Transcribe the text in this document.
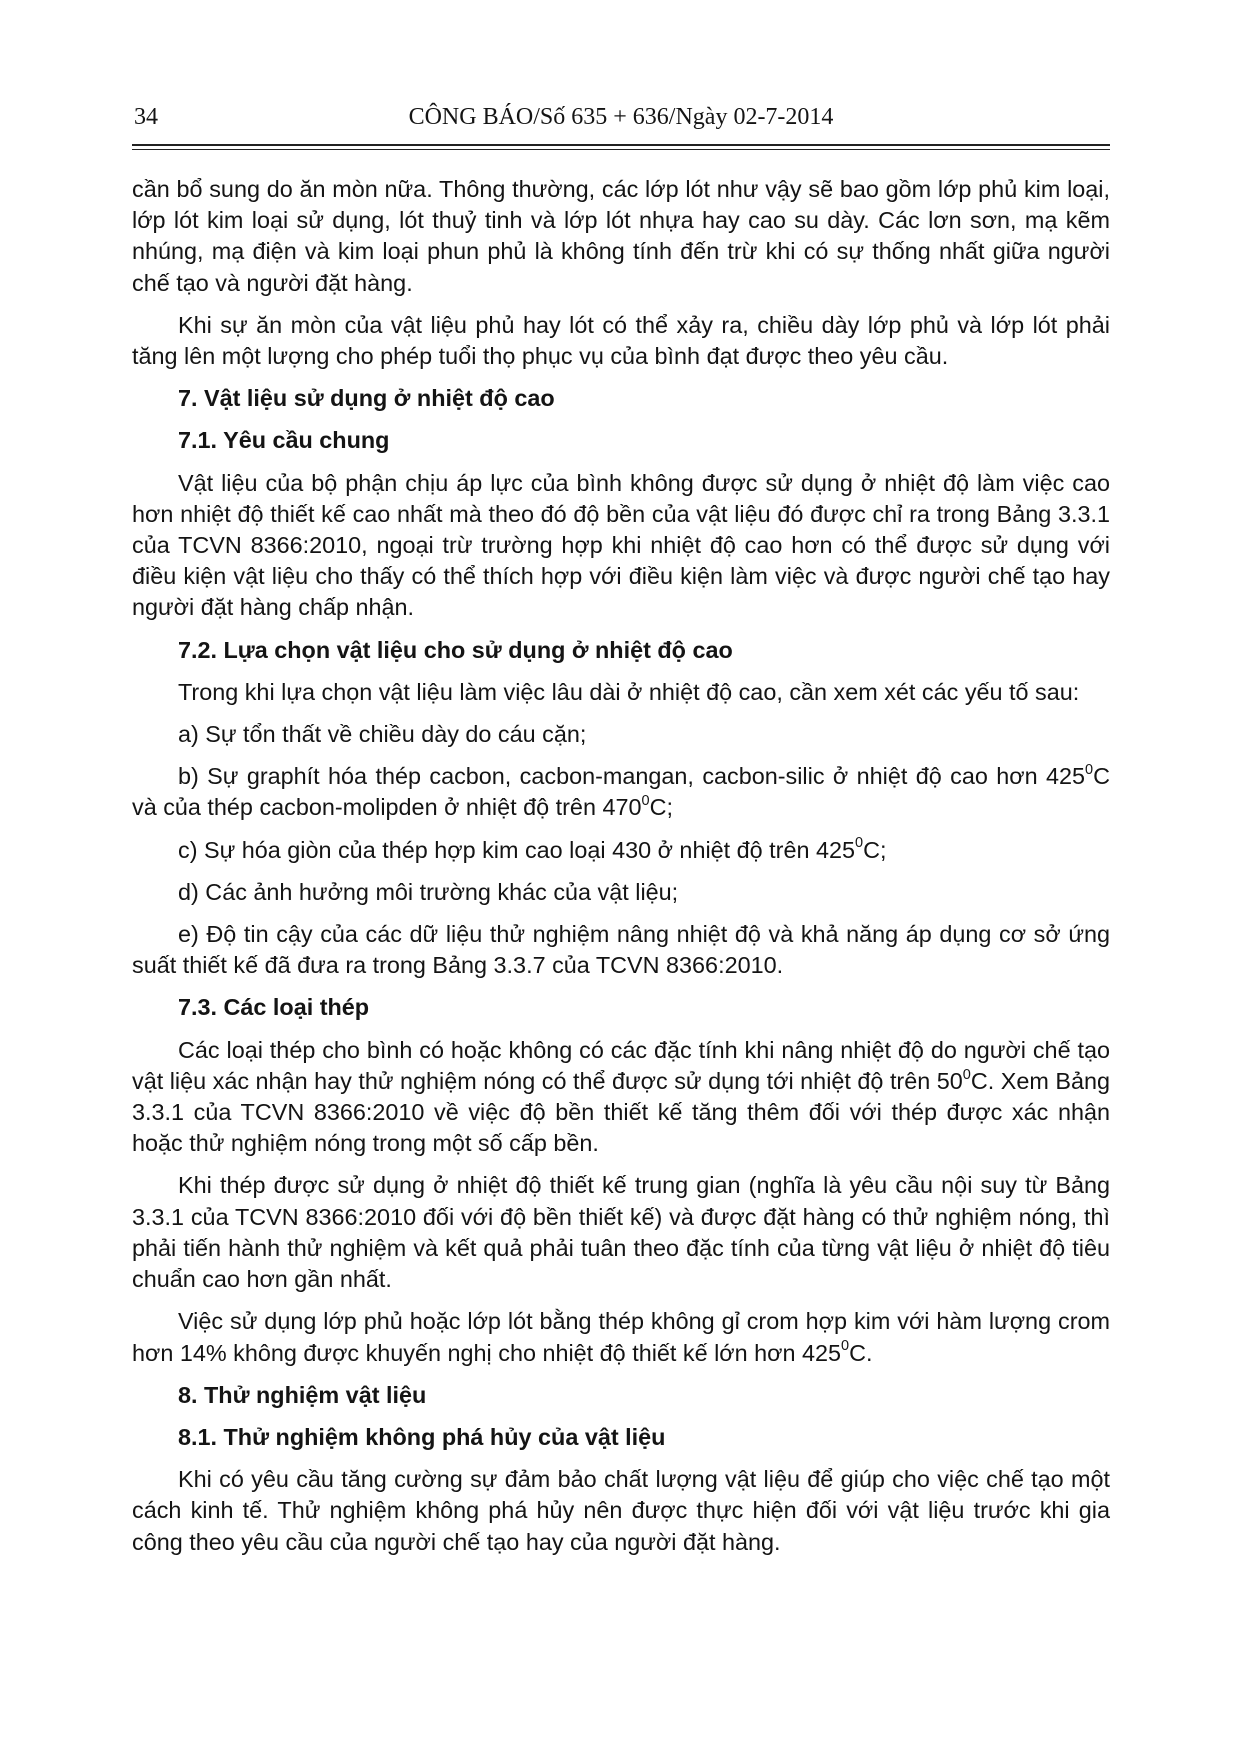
34	CÔNG BÁO/Số 635 + 636/Ngày 02-7-2014

cần bổ sung do ăn mòn nữa. Thông thường, các lớp lót như vậy sẽ bao gồm lớp phủ kim loại, lớp lót kim loại sử dụng, lót thuỷ tinh và lớp lót nhựa hay cao su dày. Các lơn sơn, mạ kẽm nhúng, mạ điện và kim loại phun phủ là không tính đến trừ khi có sự thống nhất giữa người chế tạo và người đặt hàng.

Khi sự ăn mòn của vật liệu phủ hay lót có thể xảy ra, chiều dày lớp phủ và lớp lót phải tăng lên một lượng cho phép tuổi thọ phục vụ của bình đạt được theo yêu cầu.

7. Vật liệu sử dụng ở nhiệt độ cao
7.1. Yêu cầu chung

Vật liệu của bộ phận chịu áp lực của bình không được sử dụng ở nhiệt độ làm việc cao hơn nhiệt độ thiết kế cao nhất mà theo đó độ bền của vật liệu đó được chỉ ra trong Bảng 3.3.1 của TCVN 8366:2010, ngoại trừ trường hợp khi nhiệt độ cao hơn có thể được sử dụng với điều kiện vật liệu cho thấy có thể thích hợp với điều kiện làm việc và được người chế tạo hay người đặt hàng chấp nhận.

7.2. Lựa chọn vật liệu cho sử dụng ở nhiệt độ cao

Trong khi lựa chọn vật liệu làm việc lâu dài ở nhiệt độ cao, cần xem xét các yếu tố sau:

a) Sự tổn thất về chiều dày do cáu cặn;

b) Sự graphít hóa thép cacbon, cacbon-mangan, cacbon-silic ở nhiệt độ cao hơn $425^0C$ và của thép cacbon-molipden ở nhiệt độ trên $470^0C$;

c) Sự hóa giòn của thép hợp kim cao loại 430 ở nhiệt độ trên $425^0C$;

d) Các ảnh hưởng môi trường khác của vật liệu;

e) Độ tin cậy của các dữ liệu thử nghiệm nâng nhiệt độ và khả năng áp dụng cơ sở ứng suất thiết kế đã đưa ra trong Bảng 3.3.7 của TCVN 8366:2010.

7.3. Các loại thép

Các loại thép cho bình có hoặc không có các đặc tính khi nâng nhiệt độ do người chế tạo vật liệu xác nhận hay thử nghiệm nóng có thể được sử dụng tới nhiệt độ trên $50^0C$. Xem Bảng 3.3.1 của TCVN 8366:2010 về việc độ bền thiết kế tăng thêm đối với thép được xác nhận hoặc thử nghiệm nóng trong một số cấp bền.

Khi thép được sử dụng ở nhiệt độ thiết kế trung gian (nghĩa là yêu cầu nội suy từ Bảng 3.3.1 của TCVN 8366:2010 đối với độ bền thiết kế) và được đặt hàng có thử nghiệm nóng, thì phải tiến hành thử nghiệm và kết quả phải tuân theo đặc tính của từng vật liệu ở nhiệt độ tiêu chuẩn cao hơn gần nhất.

Việc sử dụng lớp phủ hoặc lớp lót bằng thép không gỉ crom hợp kim với hàm lượng crom hơn 14% không được khuyến nghị cho nhiệt độ thiết kế lớn hơn $425^0C$.

8. Thử nghiệm vật liệu
8.1. Thử nghiệm không phá hủy của vật liệu

Khi có yêu cầu tăng cường sự đảm bảo chất lượng vật liệu để giúp cho việc chế tạo một cách kinh tế. Thử nghiệm không phá hủy nên được thực hiện đối với vật liệu trước khi gia công theo yêu cầu của người chế tạo hay của người đặt hàng.
